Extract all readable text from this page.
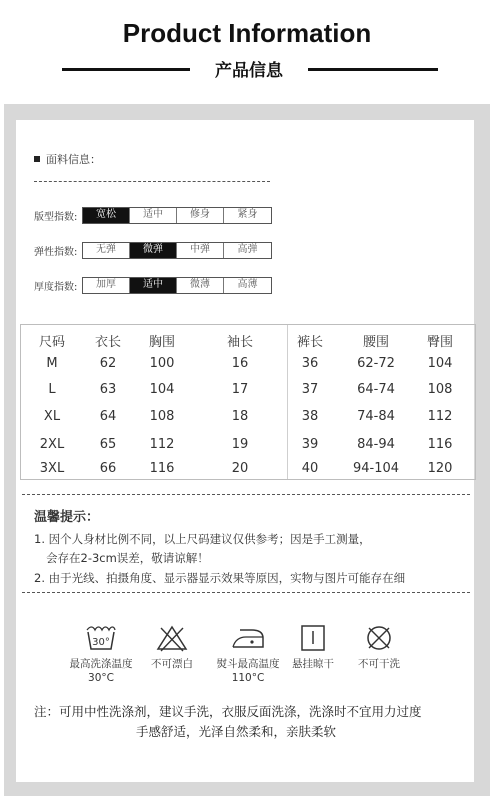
Product Information
产品信息
面料信息：
版型指数:	宽松	适中	修身	紧身
弹性指数:	无弹	微弹	中弹	高弹
厚度指数:	加厚	适中	微薄	高薄
尺码	衣长	胸围	袖长	裤长	腰围	臀围
M	62	100	16	36	62-72	104
L	63	104	17	37	64-74	108
XL	64	108	18	38	74-84	112
2XL	65	112	19	39	84-94	116
3XL	66	116	20	40	94-104	120
温馨提示：
1. 因个人身材比例不同，以上尺码建议仅供参考；因是手工测量，
会存在2-3cm误差，敬请谅解！
2. 由于光线、拍摄角度、显示器显示效果等原因，实物与图片可能存在细
30°
最高洗涤温度
30°C
不可漂白	熨斗最高温度
110°C
悬挂晾干	不可干洗
注：可用中性洗涤剂，建议手洗，衣服反面洗涤，洗涤时不宜用力过度
手感舒适，光泽自然柔和，亲肤柔软
